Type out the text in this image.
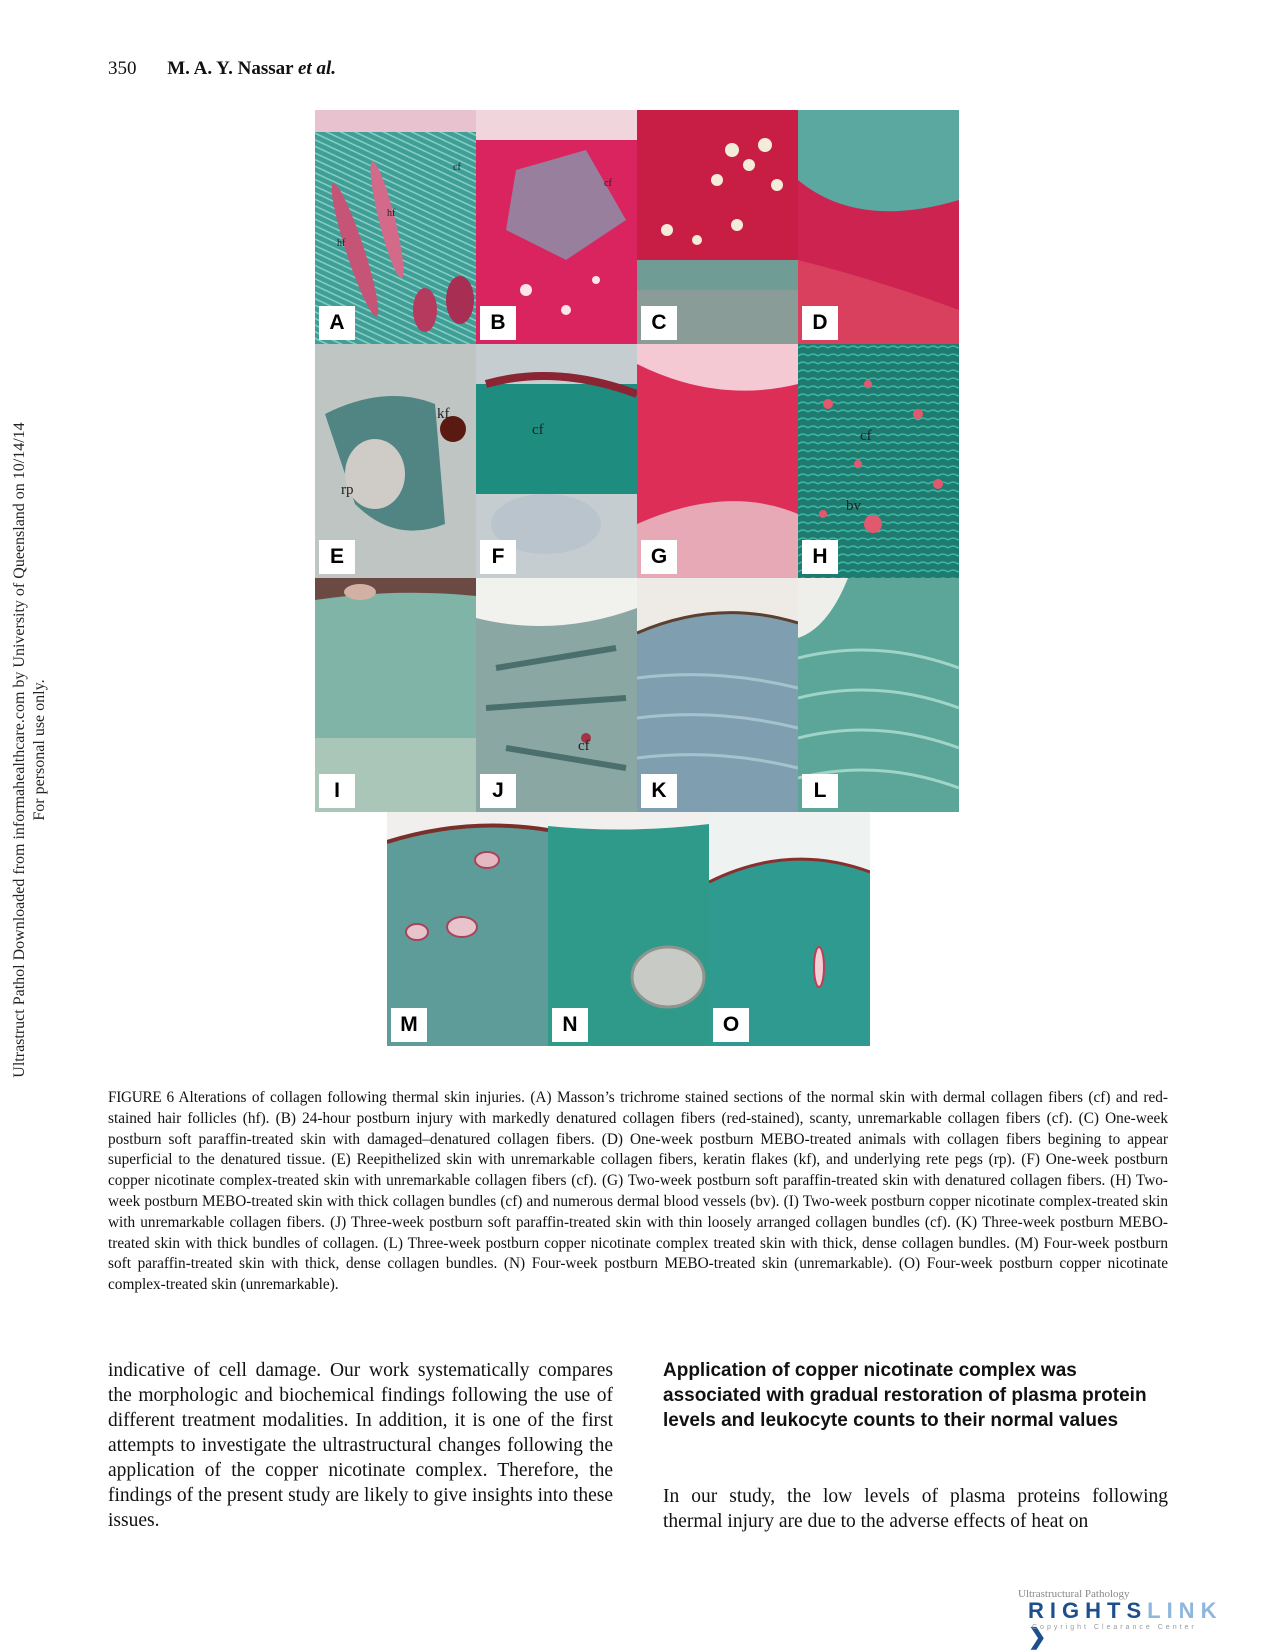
Ultrastruct Pathol Downloaded from informahealthcare.com by University of Queensland on 10/14/14 For personal use only.
350 M. A. Y. Nassar et al.
A
cf
hf
hf
B
cf
C	D
E
kf
rp
F
cf
G	H
cf
bv
I	J
cf
K	L
M	N	O
FIGURE 6 Alterations of collagen following thermal skin injuries. (A) Masson’s trichrome stained sections of the normal skin with dermal collagen fibers (cf) and red-stained hair follicles (hf). (B) 24-hour postburn injury with markedly denatured collagen fibers (red-stained), scanty, unremarkable collagen fibers (cf). (C) One-week postburn soft paraffin-treated skin with damaged–denatured collagen fibers. (D) One-week postburn MEBO-treated animals with collagen fibers begining to appear superficial to the denatured tissue. (E) Reepithelized skin with unremarkable collagen fibers, keratin flakes (kf), and underlying rete pegs (rp). (F) One-week postburn copper nicotinate complex-treated skin with unremarkable collagen fibers (cf). (G) Two-week postburn soft paraffin-treated skin with denatured collagen fibers. (H) Two-week postburn MEBO-treated skin with thick collagen bundles (cf) and numerous dermal blood vessels (bv). (I) Two-week postburn copper nicotinate complex-treated skin with unremarkable collagen fibers. (J) Three-week postburn soft paraffin-treated skin with thin loosely arranged collagen bundles (cf). (K) Three-week postburn MEBO-treated skin with thick bundles of collagen. (L) Three-week postburn copper nicotinate complex treated skin with thick, dense collagen bundles. (M) Four-week postburn soft paraffin-treated skin with thick, dense collagen bundles. (N) Four-week postburn MEBO-treated skin (unremarkable). (O) Four-week postburn copper nicotinate complex-treated skin (unremarkable).
indicative of cell damage. Our work systematically compares the morphologic and biochemical findings following the use of different treatment modalities. In addition, it is one of the first attempts to investigate the ultrastructural changes following the application of the copper nicotinate complex. Therefore, the findings of the present study are likely to give insights into these issues.
Application of copper nicotinate complex was associated with gradual restoration of plasma protein levels and leukocyte counts to their normal values
In our study, the low levels of plasma proteins following thermal injury are due to the adverse effects of heat on
Ultrastructural Pathology
RIGHTSLINK ❯
Copyright Clearance Center
